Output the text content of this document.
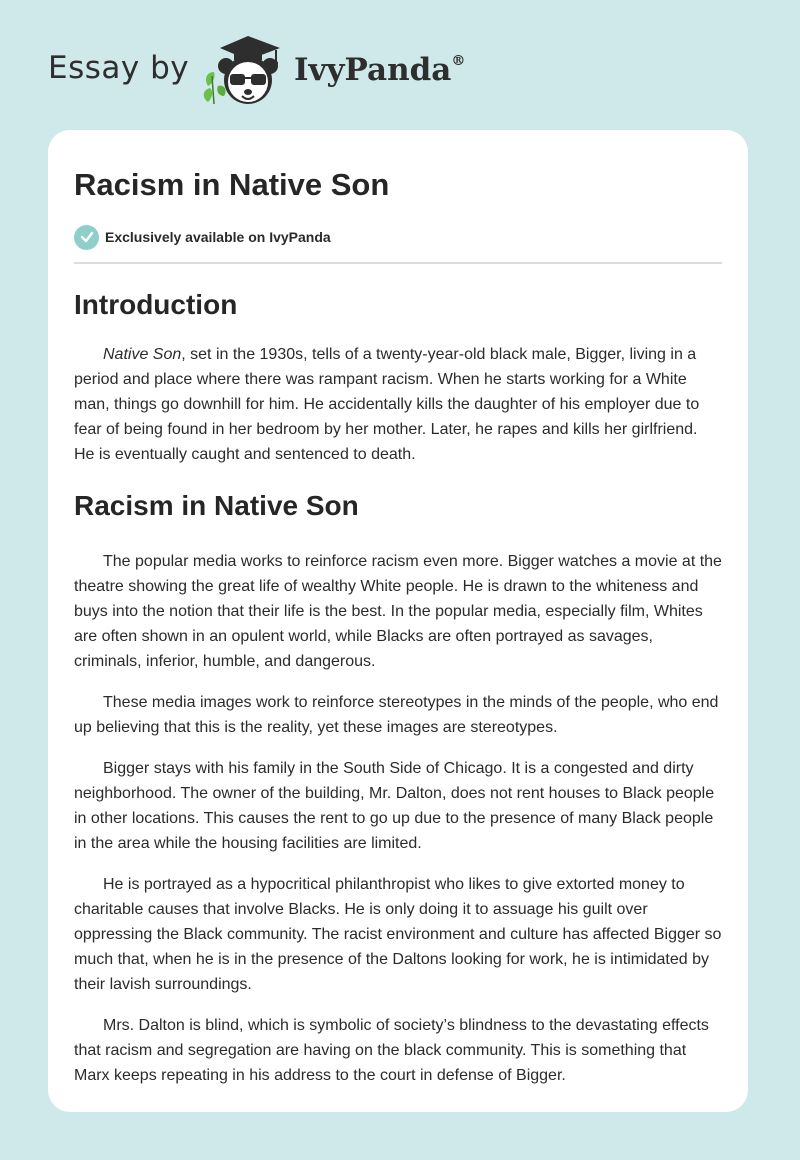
Essay by	IvyPanda®
Racism in Native Son
Exclusively available on IvyPanda
Introduction

Native Son, set in the 1930s, tells of a twenty-year-old black male, Bigger, living in a period and place where there was rampant racism. When he starts working for a White man, things go downhill for him. He accidentally kills the daughter of his employer due to fear of being found in her bedroom by her mother. Later, he rapes and kills her girlfriend. He is eventually caught and sentenced to death.

Racism in Native Son

The popular media works to reinforce racism even more. Bigger watches a movie at the theatre showing the great life of wealthy White people. He is drawn to the whiteness and buys into the notion that their life is the best. In the popular media, especially film, Whites are often shown in an opulent world, while Blacks are often portrayed as savages, criminals, inferior, humble, and dangerous.

These media images work to reinforce stereotypes in the minds of the people, who end up believing that this is the reality, yet these images are stereotypes.

Bigger stays with his family in the South Side of Chicago. It is a congested and dirty neighborhood. The owner of the building, Mr. Dalton, does not rent houses to Black people in other locations. This causes the rent to go up due to the presence of many Black people in the area while the housing facilities are limited.

He is portrayed as a hypocritical philanthropist who likes to give extorted money to charitable causes that involve Blacks. He is only doing it to assuage his guilt over oppressing the Black community. The racist environment and culture has affected Bigger so much that, when he is in the presence of the Daltons looking for work, he is intimidated by their lavish surroundings.

Mrs. Dalton is blind, which is symbolic of society’s blindness to the devastating effects that racism and segregation are having on the black community. This is something that Marx keeps repeating in his address to the court in defense of Bigger.
